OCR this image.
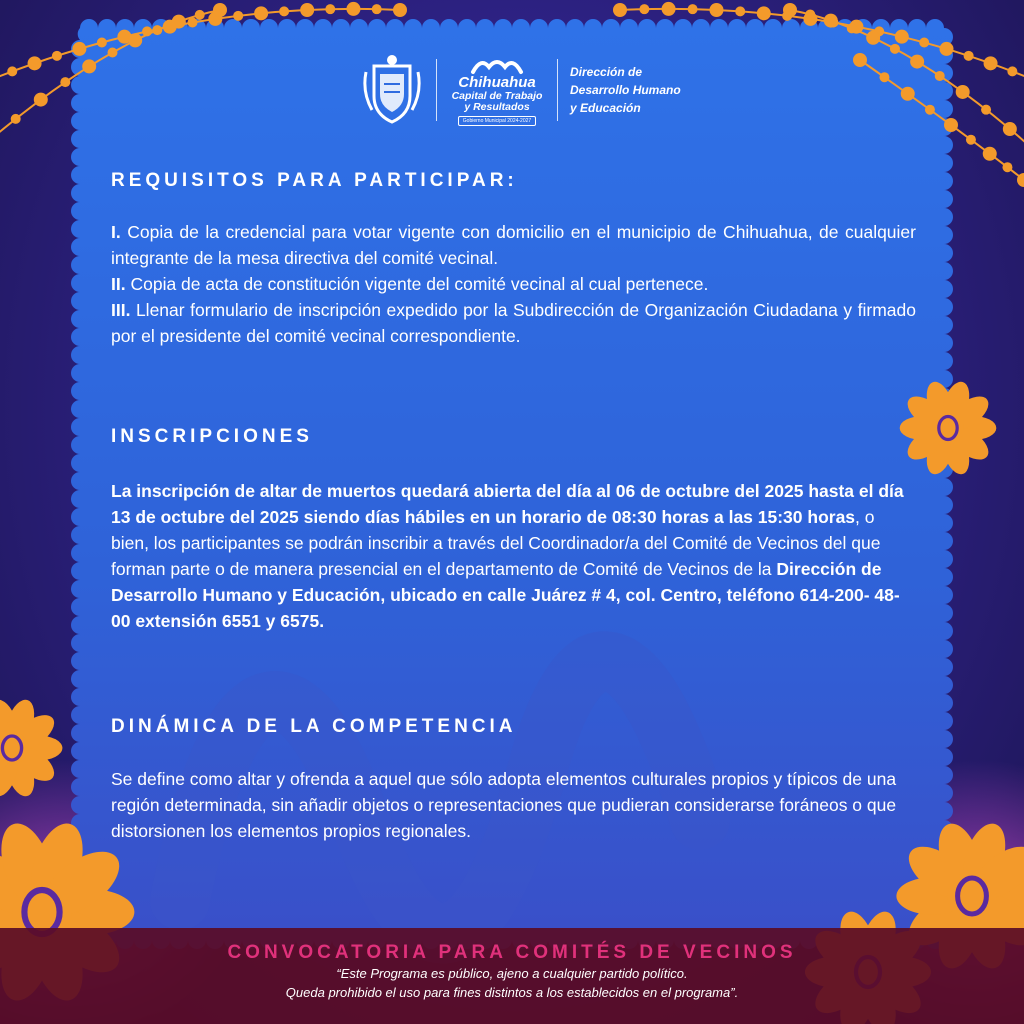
Chihuahua
Capital de Trabajo
y Resultados
Gobierno Municipal 2024-2027
Dirección de
Desarrollo Humano
y Educación
REQUISITOS PARA PARTICIPAR:

I. Copia de la credencial para votar vigente con domicilio en el municipio de Chihuahua, de cualquier integrante de la mesa directiva del comité vecinal.

II. Copia de acta de constitución vigente del comité vecinal al cual pertenece.

III. Llenar formulario de inscripción expedido por la Subdirección de Organización Ciudadana y firmado por el presidente del comité vecinal correspondiente.

INSCRIPCIONES

La inscripción de altar de muertos quedará abierta del día al 06 de octubre del 2025 hasta el día 13 de octubre del 2025 siendo días hábiles en un horario de 08:30 horas a las 15:30 horas, o bien, los participantes se podrán inscribir a través del Coordinador/a del Comité de Vecinos del que forman parte o de manera presencial en el departamento de Comité de Vecinos de la Dirección de Desarrollo Humano y Educación, ubicado en calle Juárez # 4, col. Centro, teléfono 614-200- 48-00 extensión 6551 y 6575.

DINÁMICA DE LA COMPETENCIA

Se define como altar y ofrenda a aquel que sólo adopta elementos culturales propios y típicos de una región determinada, sin añadir objetos o representaciones que pudieran considerarse foráneos o que distorsionen los elementos propios regionales.

CONVOCATORIA PARA COMITÉS DE VECINOS

“Este Programa es público, ajeno a cualquier partido político.

Queda prohibido el uso para fines distintos a los establecidos en el programa”.
